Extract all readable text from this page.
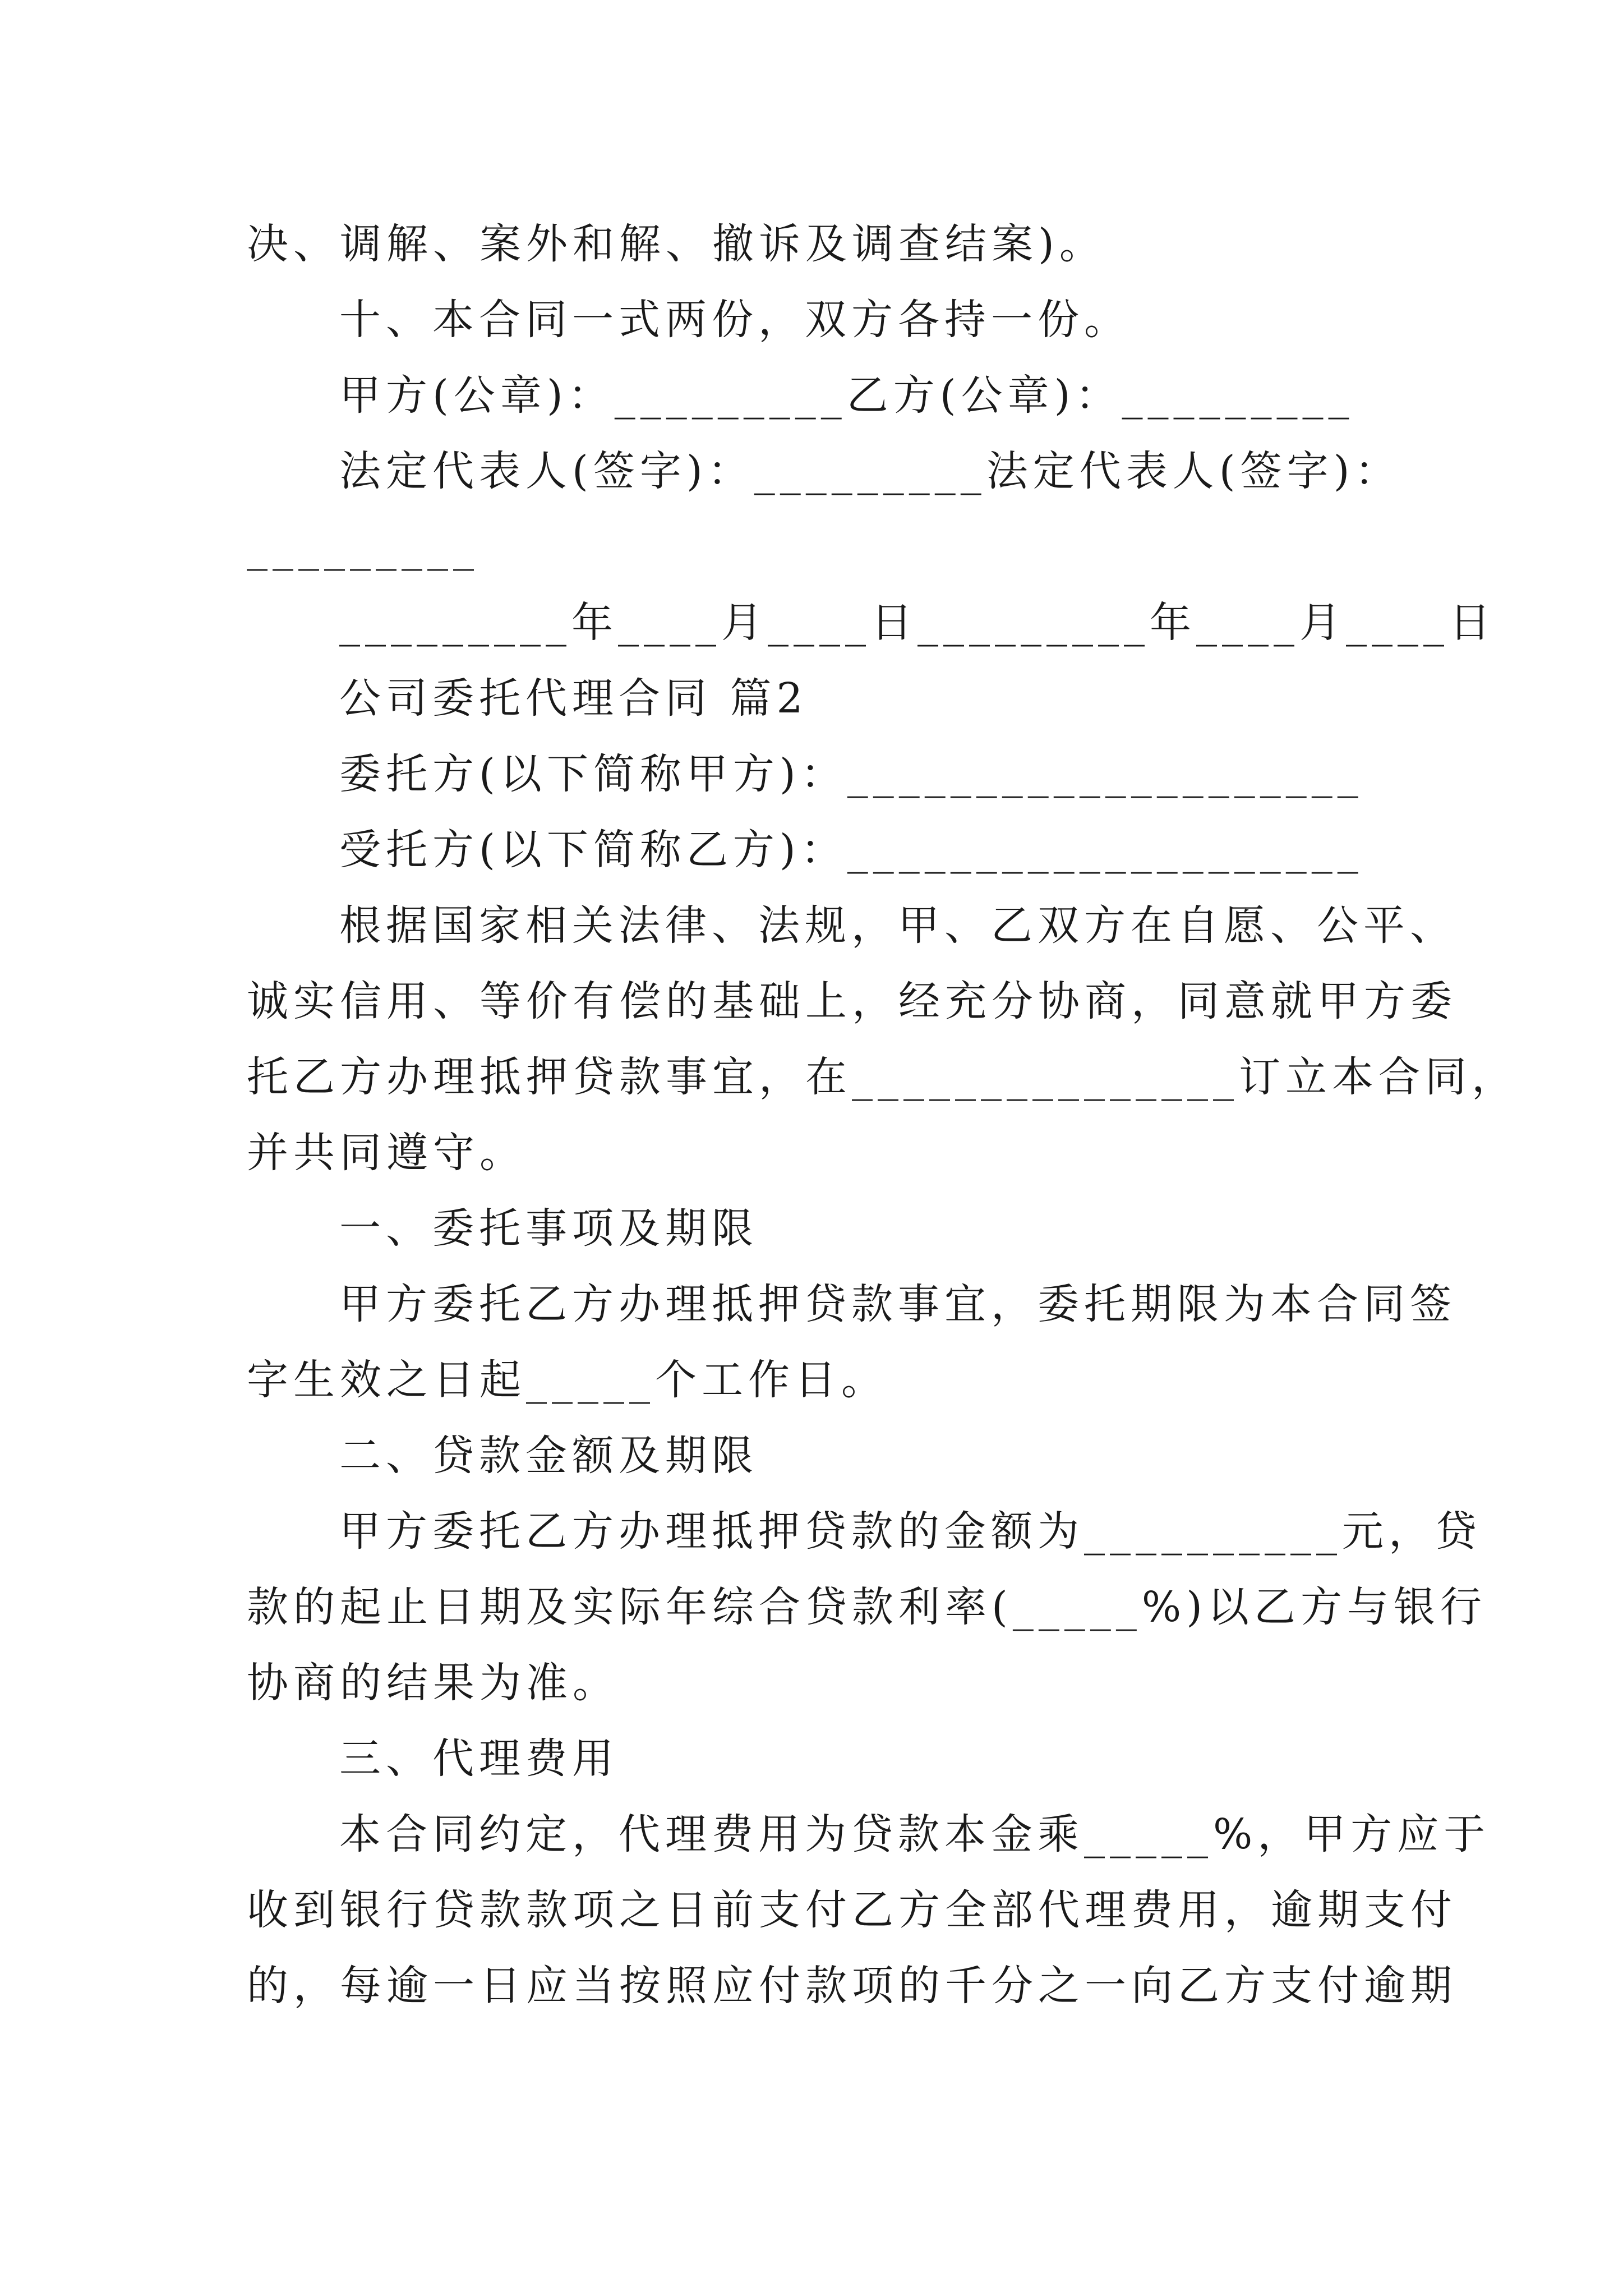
决、调解、案外和解、撤诉及调查结案)。
十、本合同一式两份，双方各持一份。
甲方(公章)：_________乙方(公章)：_________
法定代表人(签字)：_________法定代表人(签字)：
_________
_________年____月____日_________年____月____日
公司委托代理合同 篇2
委托方(以下简称甲方)：____________________
受托方(以下简称乙方)：____________________
根据国家相关法律、法规，甲、乙双方在自愿、公平、
诚实信用、等价有偿的基础上，经充分协商，同意就甲方委
托乙方办理抵押贷款事宜，在_______________订立本合同，
并共同遵守。
一、委托事项及期限
甲方委托乙方办理抵押贷款事宜，委托期限为本合同签
字生效之日起_____个工作日。
二、贷款金额及期限
甲方委托乙方办理抵押贷款的金额为__________元，贷
款的起止日期及实际年综合贷款利率(_____%)以乙方与银行
协商的结果为准。
三、代理费用
本合同约定，代理费用为贷款本金乘_____%，甲方应于
收到银行贷款款项之日前支付乙方全部代理费用，逾期支付
的，每逾一日应当按照应付款项的千分之一向乙方支付逾期
